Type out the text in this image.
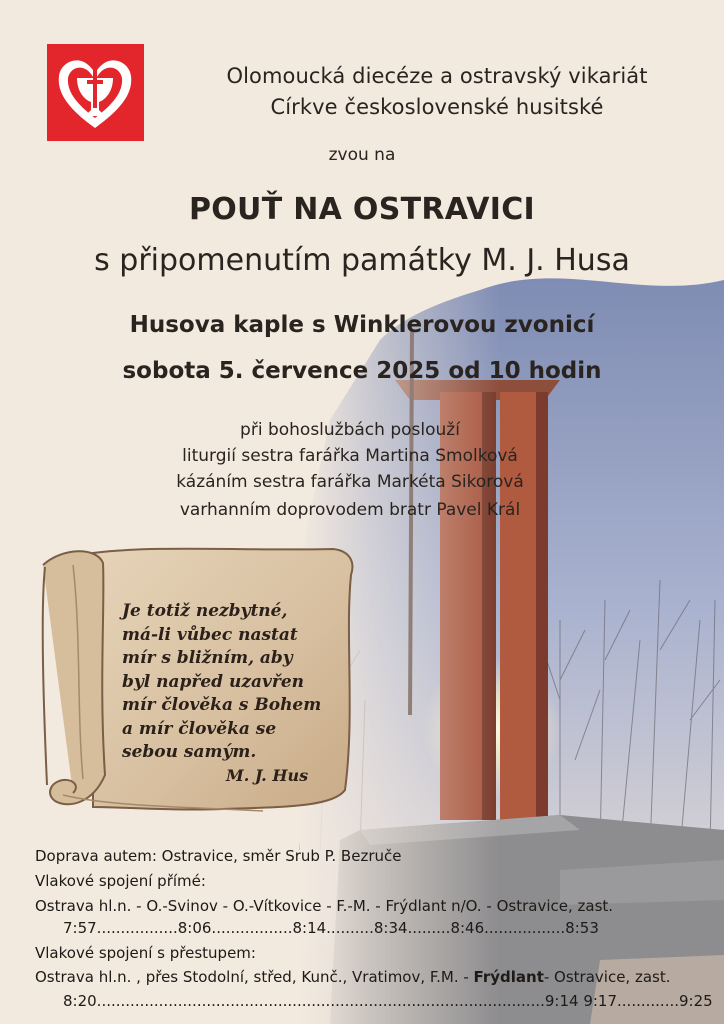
Olomoucká diecéze a ostravský vikariát
Církve československé husitské
zvou na
POUŤ NA OSTRAVICI
s připomenutím památky M. J. Husa
Husova kaple s Winklerovou zvonicí
sobota 5. července 2025 od 10 hodin
při bohoslužbách poslouží
liturgií sestra farářka Martina Smolková
kázáním sestra farářka Markéta Sikorová
varhanním doprovodem bratr Pavel Král
Je totiž nezbytné,
má-li vůbec nastat
mír s bližním, aby
byl napřed uzavřen
mír člověka s Bohem
a mír člověka se
sebou samým.
M. J. Hus
Doprava autem: Ostravice, směr Srub P. Bezruče
Vlakové spojení přímé:
Ostrava hl.n. - O.-Svinov - O.-Vítkovice - F.-M. - Frýdlant n/O. - Ostravice, zast.
7:57.................8:06.................8:14..........8:34.........8:46.................8:53
Vlakové spojení s přestupem:
Ostrava hl.n. , přes Stodolní, střed, Kunč., Vratimov, F.M. - Frýdlant- Ostravice, zast.
8:20..............................................................................................9:14 9:17.............9:25
